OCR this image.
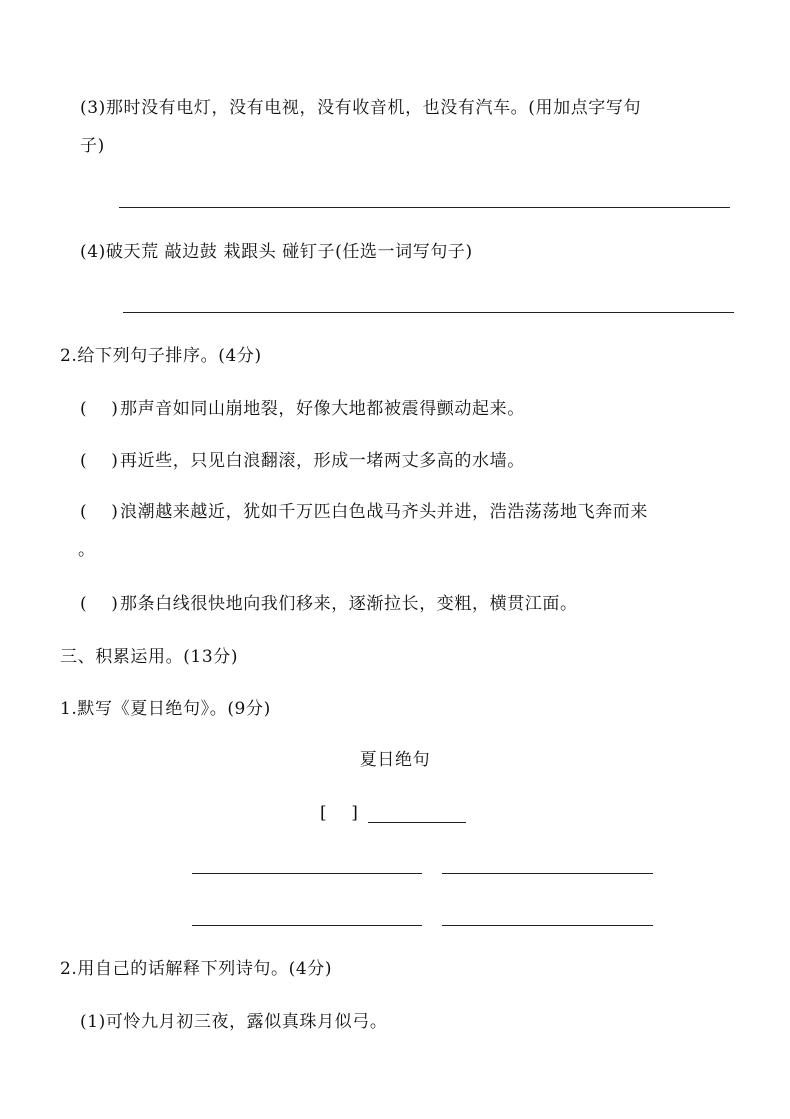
(3)那时没有电灯，没有电视，没有收音机，也没有汽车。(用加点字写句
子)
(4)破天荒 敲边鼓 栽跟头 碰钉子(任选一词写句子)
2.给下列句子排序。(4分)
(    )那声音如同山崩地裂，好像大地都被震得颤动起来。
(    )再近些，只见白浪翻滚，形成一堵两丈多高的水墙。
(    )浪潮越来越近，犹如千万匹白色战马齐头并进，浩浩荡荡地飞奔而来
。
(    )那条白线很快地向我们移来，逐渐拉长，变粗，横贯江面。
三、积累运用。(13分)
1.默写《夏日绝句》。(9分)
夏日绝句
[    ]
2.用自己的话解释下列诗句。(4分)
(1)可怜九月初三夜，露似真珠月似弓。
